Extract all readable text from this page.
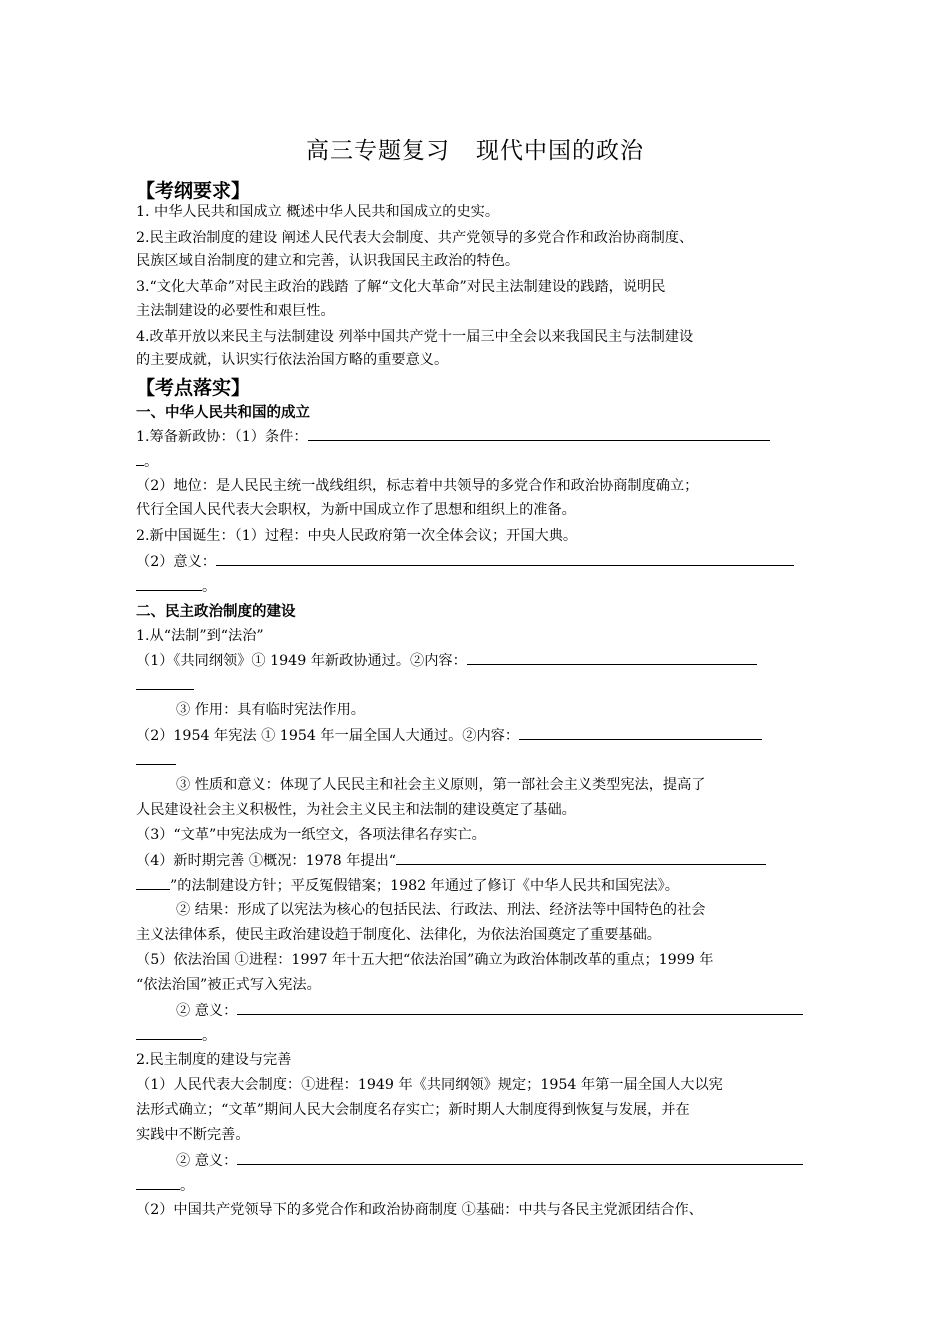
高三专题复习 现代中国的政治
【考纲要求】
1. 中华人民共和国成立 概述中华人民共和国成立的史实。
2.民主政治制度的建设 阐述人民代表大会制度、共产党领导的多党合作和政治协商制度、
民族区域自治制度的建立和完善，认识我国民主政治的特色。
3.“文化大革命”对民主政治的践踏 了解“文化大革命”对民主法制建设的践踏，说明民
主法制建设的必要性和艰巨性。
4.改革开放以来民主与法制建设 列举中国共产党十一届三中全会以来我国民主与法制建设
的主要成就，认识实行依法治国方略的重要意义。
【考点落实】
一、中华人民共和国的成立
1.筹备新政协：（1）条件：
。
（2）地位：是人民民主统一战线组织，标志着中共领导的多党合作和政治协商制度确立；
代行全国人民代表大会职权，为新中国成立作了思想和组织上的准备。
2.新中国诞生：（1）过程：中央人民政府第一次全体会议；开国大典。
（2）意义：
。
二、民主政治制度的建设
1.从“法制”到“法治”
（1）《共同纲领》① 1949 年新政协通过。②内容：
③ 作用：具有临时宪法作用。
（2）1954 年宪法 ① 1954 年一届全国人大通过。②内容：
③ 性质和意义：体现了人民民主和社会主义原则，第一部社会主义类型宪法，提高了
人民建设社会主义积极性，为社会主义民主和法制的建设奠定了基础。
（3）“文革”中宪法成为一纸空文，各项法律名存实亡。
（4）新时期完善 ①概况：1978 年提出“
”的法制建设方针；平反冤假错案；1982 年通过了修订《中华人民共和国宪法》。
② 结果：形成了以宪法为核心的包括民法、行政法、刑法、经济法等中国特色的社会
主义法律体系，使民主政治建设趋于制度化、法律化，为依法治国奠定了重要基础。
（5）依法治国 ①进程：1997 年十五大把“依法治国”确立为政治体制改革的重点；1999 年
“依法治国”被正式写入宪法。
② 意义：
。
2.民主制度的建设与完善
（1）人民代表大会制度：①进程：1949 年《共同纲领》规定；1954 年第一届全国人大以宪
法形式确立；“文革”期间人民大会制度名存实亡；新时期人大制度得到恢复与发展，并在
实践中不断完善。
② 意义：
。
（2）中国共产党领导下的多党合作和政治协商制度 ①基础：中共与各民主党派团结合作、
